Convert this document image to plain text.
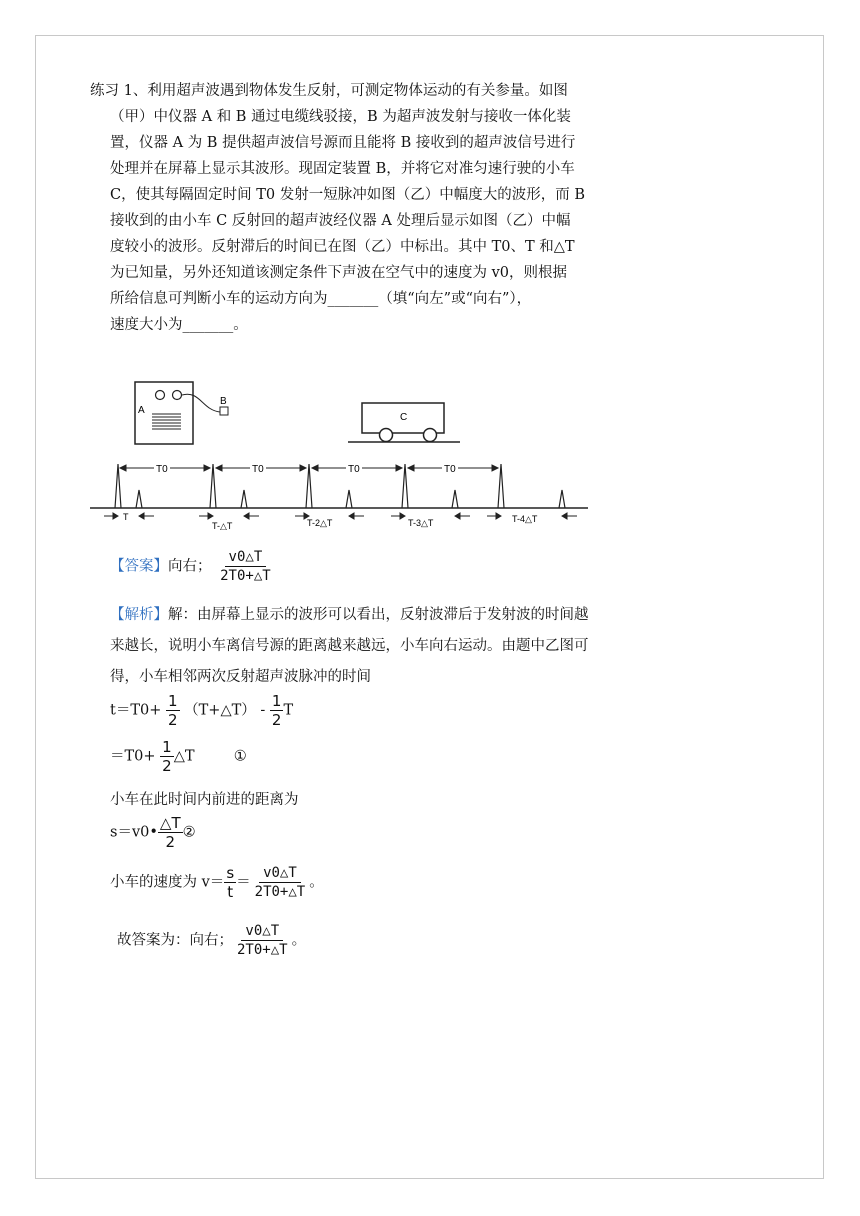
练习 1、利用超声波遇到物体发生反射，可测定物体运动的有关参量。如图
（甲）中仪器 A 和 B 通过电缆线驳接，B 为超声波发射与接收一体化装
置，仪器 A 为 B 提供超声波信号源而且能将 B 接收到的超声波信号进行
处理并在屏幕上显示其波形。现固定装置 B，并将它对准匀速行驶的小车
C，使其每隔固定时间 T0 发射一短脉冲如图（乙）中幅度大的波形，而 B
接收到的由小车 C 反射回的超声波经仪器 A 处理后显示如图（乙）中幅
度较小的波形。反射滞后的时间已在图（乙）中标出。其中 T0、T 和△T
为已知量，另外还知道该测定条件下声波在空气中的速度为 v0，则根据
所给信息可判断小车的运动方向为_______（填“向左”或“向右”），
速度大小为_______。
A
B
C
T0	T0	T0	T0
T
T-△T	T-2△T	T-3△T	T-4△T
【答案】向右； $\frac{v0\triangle T}{2T0+\triangle T}$
【解析】解：由屏幕上显示的波形可以看出，反射波滞后于发射波的时间越来越长，说明小车离信号源的距离越来越远，小车向右运动。由题中乙图可得，小车相邻两次反射超声波脉冲的时间
$t=T0+ \frac{1}{2}$ （T+△T） - $\frac{1}{2}$ T
$=T0+ \frac{1}{2}$ △T	①
小车在此时间内前进的距离为
s＝v0• $\frac{\triangle T}{2}$ ②
小车的速度为 $v= \frac{s}{t} = \frac{v0\triangle T}{2T0+\triangle T}$ 。
故答案为：向右； $\frac{v0\triangle T}{2T0+\triangle T}$ 。
